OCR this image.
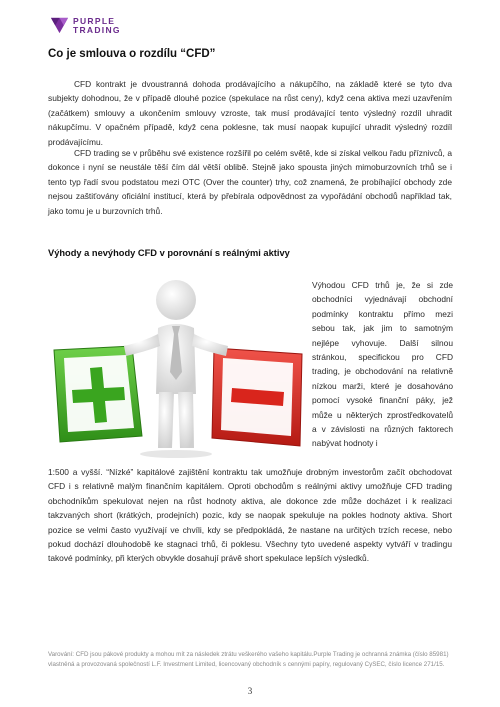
PURPLE
TRADING
Co je smlouva o rozdílu “CFD”

CFD kontrakt je dvoustranná dohoda prodávajícího a nákupčího, na základě které se tyto dva subjekty dohodnou, že v případě dlouhé pozice (spekulace na růst ceny), když cena aktiva mezi uzavřením (začátkem) smlouvy a ukončením smlouvy vzroste, tak musí prodávající tento výsledný rozdíl uhradit nákupčímu. V opačném případě, když cena poklesne, tak musí naopak kupující uhradit výsledný rozdíl prodávajícímu.

CFD trading se v průběhu své existence rozšířil po celém světě, kde si získal velkou řadu příznivců, a dokonce i nyní se neustále těší čím dál větší oblibě. Stejně jako spousta jiných mimoburzovních trhů se i tento typ řadí svou podstatou mezi OTC (Over the counter) trhy, což znamená, že probíhající obchody zde nejsou zaštiťovány oficiální institucí, která by přebírala odpovědnost za vypořádání obchodů například tak, jako tomu je u burzovních trhů.

Výhody a nevýhody CFD v porovnání s reálnými aktivy

Výhodou CFD trhů je, že si zde obchodníci vyjednávají obchodní podmínky kontraktu přímo mezi sebou tak, jak jim to samotným nejlépe vyhovuje. Další silnou stránkou, specifickou pro CFD trading, je obchodování na relativně nízkou marži, které je dosahováno pomocí vysoké finanční páky, jež může u některých zprostředkovatelů a v závislosti na různých faktorech nabývat hodnoty i

1:500 a vyšší. “Nízké” kapitálové zajištění kontraktu tak umožňuje drobným investorům začít obchodovat CFD i s relativně malým finančním kapitálem. Oproti obchodům s reálnými aktivy umožňuje CFD trading obchodníkům spekulovat nejen na růst hodnoty aktiva, ale dokonce zde může docházet i k realizaci takzvaných short (krátkých, prodejních) pozic, kdy se naopak spekuluje na pokles hodnoty aktiva. Short pozice se velmi často využívají ve chvíli, kdy se předpokládá, že nastane na určitých trzích recese, nebo pokud dochází dlouhodobě ke stagnaci trhů, či poklesu. Všechny tyto uvedené aspekty vytváří v tradingu takové podmínky, při kterých obvykle dosahují právě short spekulace lepších výsledků.

Varování: CFD jsou pákové produkty a mohou mít za následek ztrátu veškerého vašeho kapitálu.Purple Trading je ochranná známka (číslo 85981) vlastněná a provozovaná společností L.F. Investment Limited, licencovaný obchodník s cennými papíry, regulovaný CySEC, číslo licence 271/15.

3
